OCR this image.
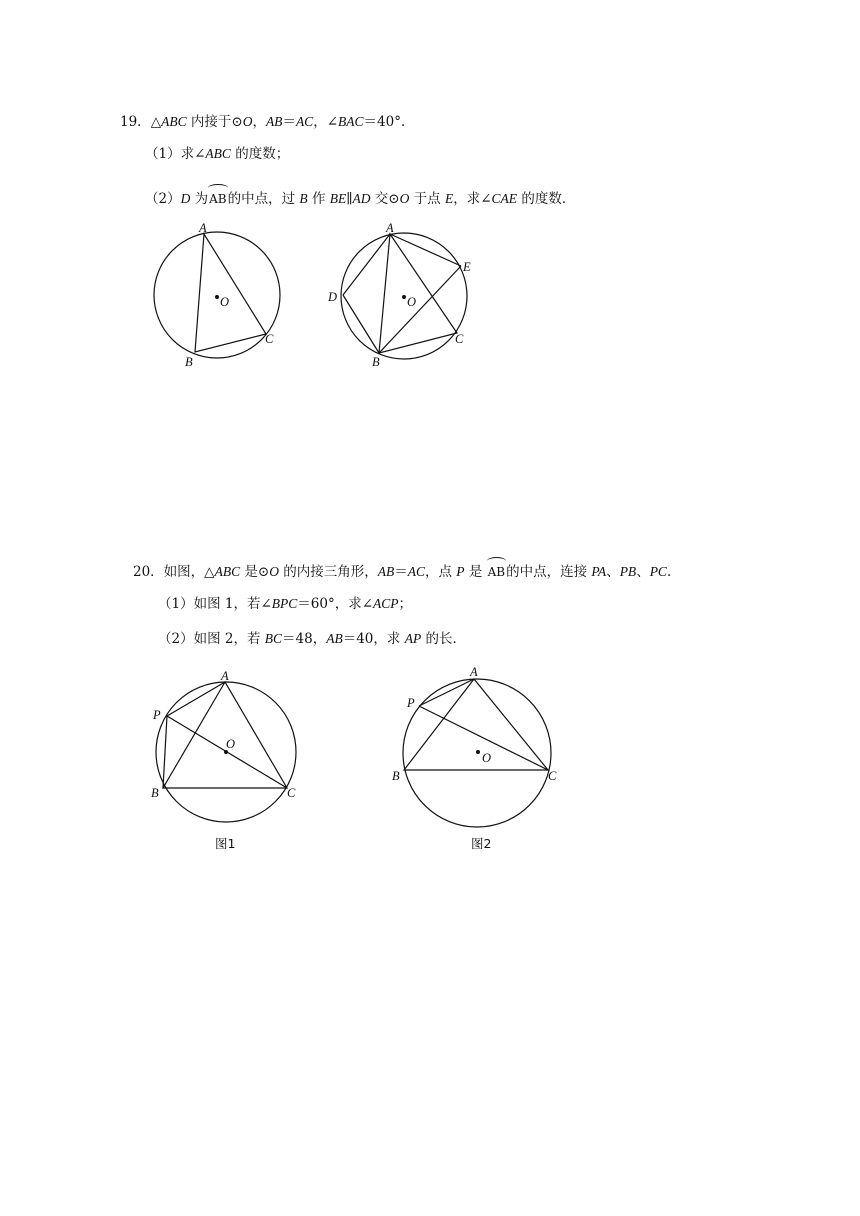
19．△ABC 内接于⊙O，AB＝AC，∠BAC＝40°．
（1）求∠ABC 的度数；
（2）D 为AB的中点，过 B 作 BE∥AD 交⊙O 于点 E，求∠CAE 的度数．
20．如图，△ABC 是⊙O 的内接三角形，AB＝AC，点 P 是 AB的中点，连接 PA、PB、PC．
（1）如图 1，若∠BPC＝60°，求∠ACP；
（2）如图 2，若 BC＝48，AB＝40，求 AP 的长．
A
B
C
O
A
B
C
D
E
O
A
B	C
P
O
A
B	C
P
O
图1	图2
